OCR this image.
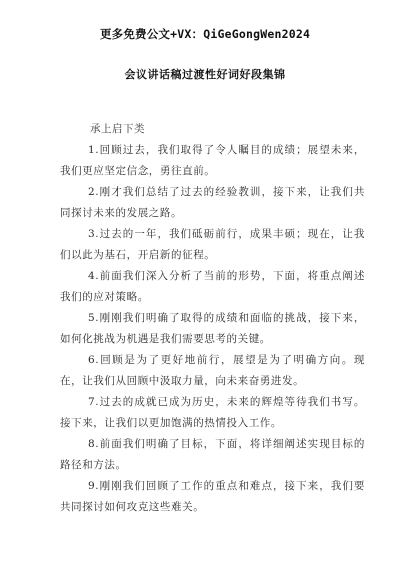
更多免费公文+VX：QiGeGongWen2024
会议讲话稿过渡性好词好段集锦
承上启下类

1.回顾过去，我们取得了令人瞩目的成绩；展望未来，我们更应坚定信念，勇往直前。

2.刚才我们总结了过去的经验教训，接下来，让我们共同探讨未来的发展之路。

3.过去的一年，我们砥砺前行，成果丰硕；现在，让我们以此为基石，开启新的征程。

4.前面我们深入分析了当前的形势，下面，将重点阐述我们的应对策略。

5.刚刚我们明确了取得的成绩和面临的挑战，接下来，如何化挑战为机遇是我们需要思考的关键。

6.回顾是为了更好地前行，展望是为了明确方向。现在，让我们从回顾中汲取力量，向未来奋勇进发。

7.过去的成就已成为历史，未来的辉煌等待我们书写。接下来，让我们以更加饱满的热情投入工作。

8.前面我们明确了目标，下面，将详细阐述实现目标的路径和方法。

9.刚刚我们回顾了工作的重点和难点，接下来，我们要共同探讨如何攻克这些难关。
